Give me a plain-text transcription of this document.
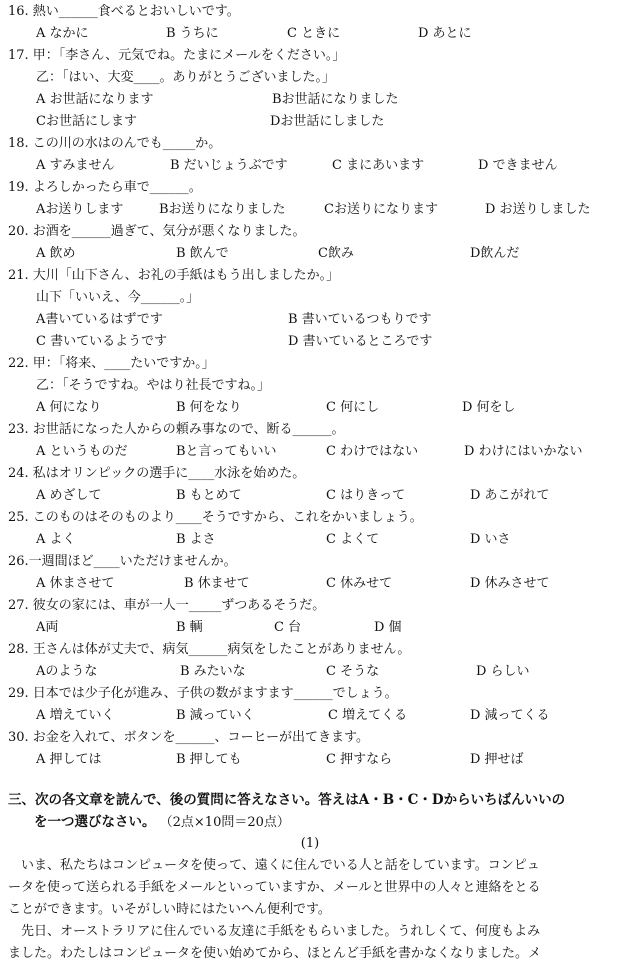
16. 熱い______食べるとおいしいです。
A なかに	B うちに	C ときに	D あとに
17. 甲：「李さん、元気でね。たまにメールをください。」
乙：「はい、大変____。ありがとうございました。」
A お世話になります	Bお世話になりました
Cお世話にします	Dお世話にしました
18. この川の水はのんでも_____か。
A すみません	B だいじょうぶです	C まにあいます	D できません
19. よろしかったら車で______。
Aお送りします	Bお送りになりました	Cお送りになります	D お送りしました
20. お酒を______過ぎて、気分が悪くなりました。
A 飲め	B 飲んで	C飲み	D飲んだ
21. 大川「山下さん、お礼の手紙はもう出しましたか。」
山下「いいえ、今______。」
A書いているはずです	B 書いているつもりです
C 書いているようです	D 書いているところです
22. 甲：「将来、____たいですか。」
乙：「そうですね。やはり社長ですね。」
A 何になり	B 何をなり	C 何にし	D 何をし
23. お世話になった人からの頼み事なので、断る______。
A というものだ	Bと言ってもいい	C わけではない	D わけにはいかない
24. 私はオリンピックの選手に____水泳を始めた。
A めざして	B もとめて	C はりきって	D あこがれて
25. このものはそのものより____そうですから、これをかいましょう。
A よく	B よさ	C よくて	D いさ
26.一週間ほど____いただけませんか。
A 休まさせて	B 休ませて	C 休みせて	D 休みさせて
27. 彼女の家には、車が一人一_____ずつあるそうだ。
A両	B 輌	C 台	D 個
28. 王さんは体が丈夫で、病気______病気をしたことがありません。
Aのような	B みたいな	C そうな	D らしい
29. 日本では少子化が進み、子供の数がますます______でしょう。
A 増えていく	B 減っていく	C 増えてくる	D 減ってくる
30. お金を入れて、ボタンを______、コーヒーが出てきます。
A 押しては	B 押しても	C 押すなら	D 押せば
三、次の各文章を読んで、後の質問に答えなさい。答えはA・B・C・Dからいちばんいいの
を一つ選びなさい。 （2点×10問＝20点）
(1)
　いま、私たちはコンピュータを使って、遠くに住んでいる人と話をしています。コンピュ
ータを使って送られる手紙をメールといっていますか、メールと世界中の人々と連絡をとる
ことができます。いそがしい時にはたいへん便利です。
　先日、オーストラリアに住んでいる友達に手紙をもらいました。うれしくて、何度もよみ
ました。わたしはコンピュータを使い始めてから、ほとんど手紙を書かなくなりました。メ
